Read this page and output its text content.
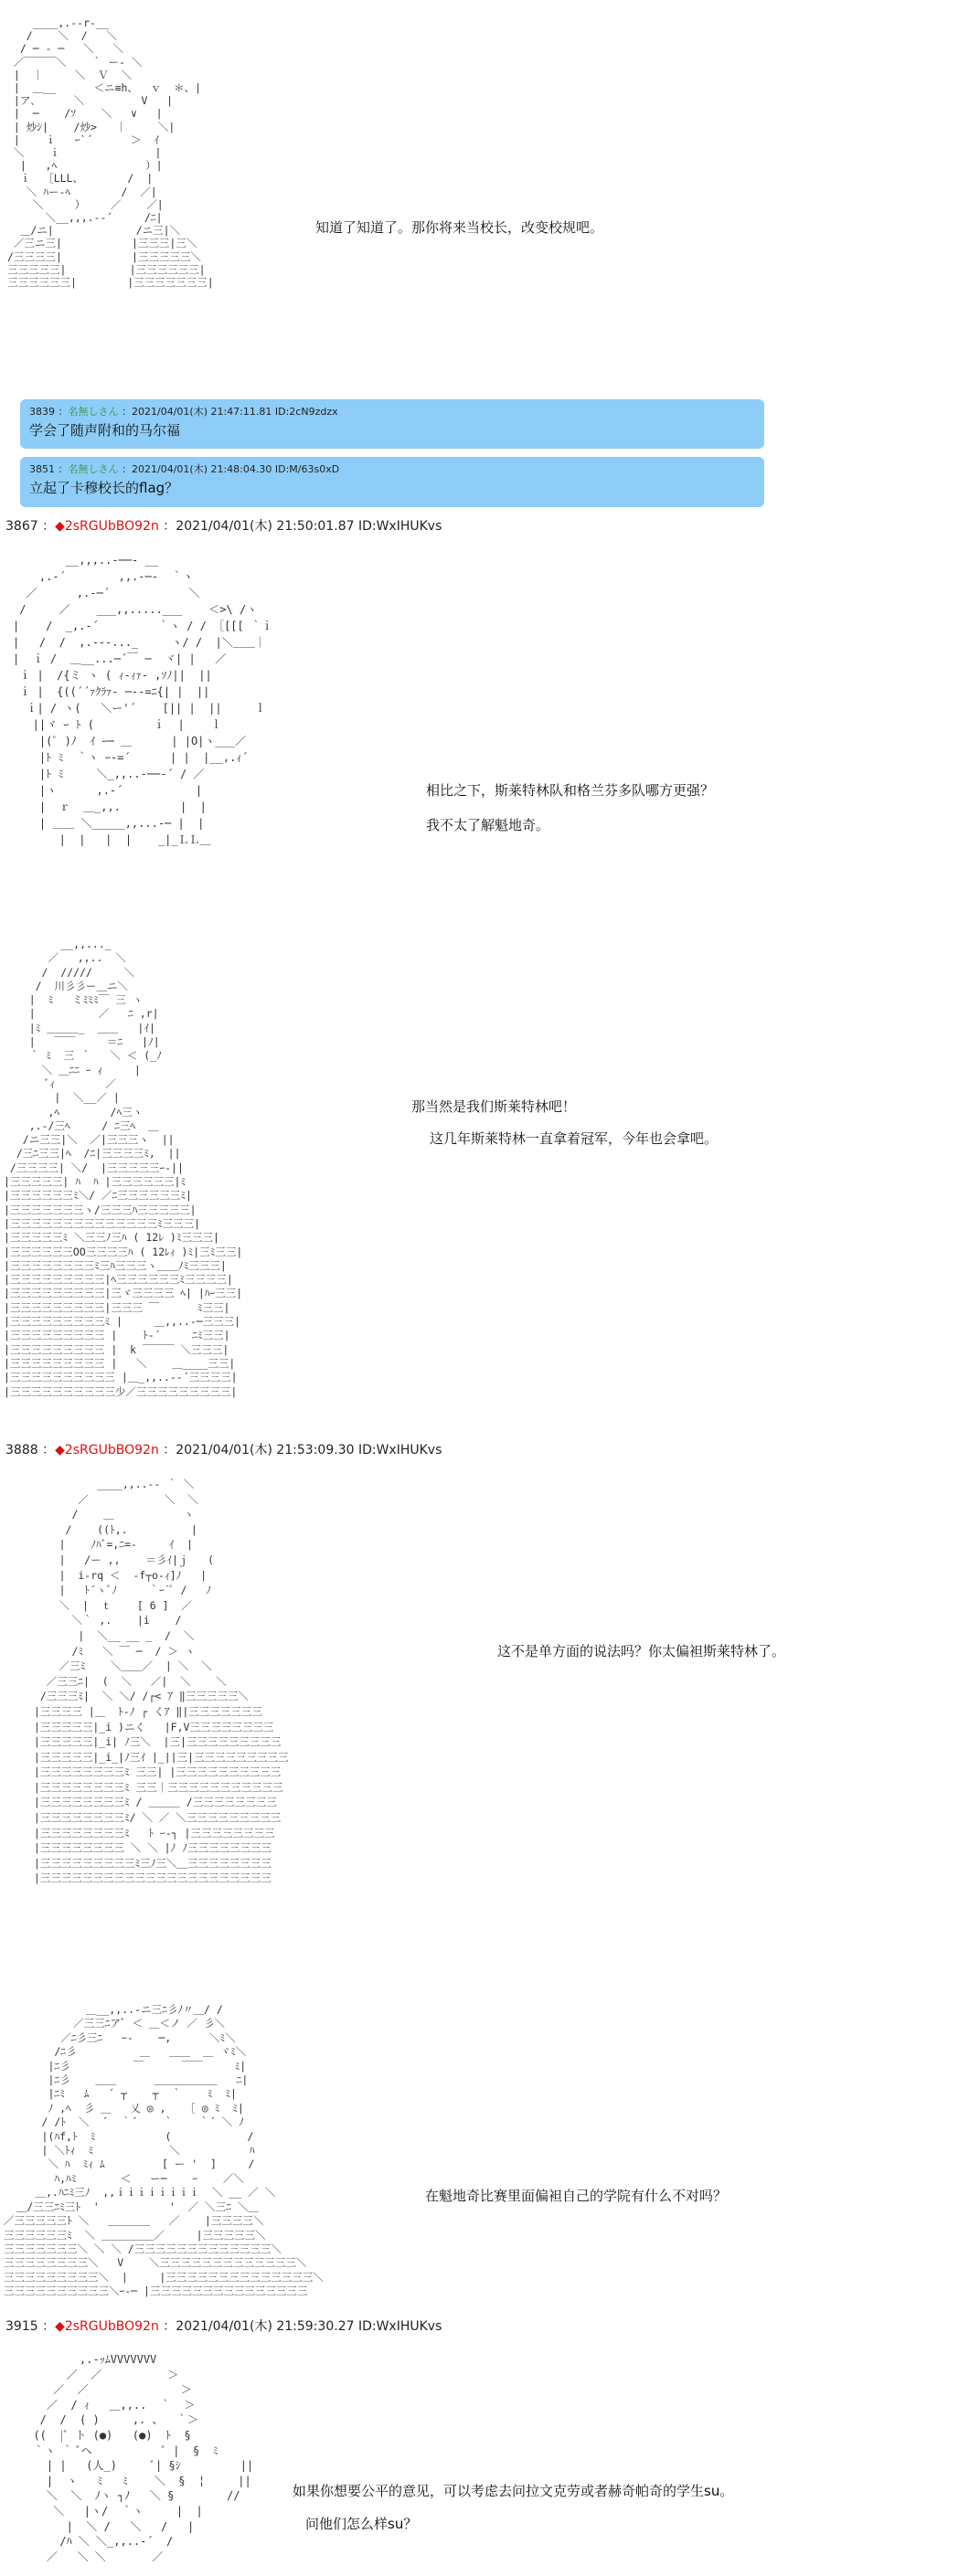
____,.-‐r‐__
/    ＼  /   ＼
/ ─ ‐ ─   ＼   ＼
／￣￣￣＼    ｀ ー- ＼
|  ｜     ＼  Ｖ  ＼
|  ＿__      ＜ニ≡h、  ｖ  ＊、|
|ア､      ＼         V   |
|  ─    /ｿ    ＼   ∨   |
| 炒ｼ|    /炒>   ｜     ＼|
|    ｉ   ｰ`´      ＞  ｲ
＼    ｉ               |
|   ,ﾍ              ）|
ｉ  ［LLL、       /  |
＼ ﾊー‐ﾍ        /  ／|
＼     ）    ／    ／|
＼__,,,.-‐´     /ﾆ|
＿/ニ|             /ニ三|＼
／三ニ三|           |三三三|三＼
/三三三三|           |三三三三三＼
三三三三三|          |三三三三三三|
三三三三三三|        |三三三三三三三|

知道了知道了。那你将来当校长，改变校规吧。

3839 ：名無しさん ：2021/04/01(木) 21:47:11.81 ID:2cN9zdzx
学会了随声附和的马尔福
3851 ：名無しさん ：2021/04/01(木) 21:48:04.30 ID:M/63s0xD
立起了卡穆校长的flag？
3867 ：◆2sRGUbBO92n ：2021/04/01(木) 21:50:01.87 ID:WxIHUKvs
__,,,..-──- __
,.-´        ,,.-─-  ｀ヽ
／      ,.-─´            ＼
/     ／    ___,,.....___    ＜>\ /ヽ
|    /  _,.-´         ｀ヽ / / ［[[[ ｀ｉ
|   /  /  ,.-‐-..._     ヽ/ /  |＼＿＿｜
|  ｉ /  ＿__...─´￣ ─  ヾ| |   ／
ｉ |  /{ミ ヽ ( ｨ-ｨｧ- ,ｿﾉ||  ||
ｉ |  {((´´ｧｸﾗｧ- ─-‐=ﾆ{| |  ||
ｉ| / ヽ(   ＼ー'´    [|| |  ||     ｌ
||ヾ ｰ ﾄ (         ｉ  |    ｌ
|(ﾟ )ﾉ  ｲ ｰ─ ＿      | |O|ヽ___／
|ﾄ ﾐ  ｀ヽ ｰ-=´      | |  |__,.ｨ´
|ﾄ ﾐ     ＼_,,..-──-´ / ／
|ヽ      ,.-´           |
|  ｒ  ＿_,,.         |  |
| ＿＿ ＼_____,,...-─ |  |
|  |   |  |    _|_ＬＬ＿

相比之下，斯莱特林队和格兰芬多队哪方更强？

我不太了解魁地奇。

__,,..._
／   ,,..  ＼
/  /////     ＼
/  川彡彡ー＿ニ＼
|  ﾐ   ミﾐﾐﾐ￣ 三 ヽ
|          ／   ﾆ ,r|
|ﾐ ＿＿＿_  ＿＿   |ｲ|
|   ￣￣     ＝ﾆ   |ﾉ|
｀ ﾐ  三 ｀   ＼ ＜ (_ﾉ
＼ ＿ﾆﾆ ｰ ｨ     |
ﾞｨ        ／
|  ＼__／ |
,ﾍ        /ﾍ三ヽ
,.-/三ﾍ     / ﾆ三ﾍ  ＿
/ニ三三|＼  ／|三三三ヽ  ||
/三ﾆ三三|ﾍ  /ﾆ|三三三三ﾐ,  ||
/三三三三| ＼/  |三三三三三ｰ-||
|三三三三三| ﾊ  ﾊ |三三三三三三|ﾐ
|三三三三三三ﾐ＼/ ／ﾆ三三三三三三ﾐ|
|三三三三三三三ヽ/三三三ﾊ三三三三三|
|三三三三三三三三三三三三三三ﾐ三三三|
|三三三三三ﾐ ＼三三ﾉ三ﾊ ( 12ﾚ )ﾐ三三三|
|三三三三三三OO三三三三ﾊ ( 12ﾚｨ )ﾐ|三ﾐ三三|
|三三三三三三三三ﾐ三ﾊ三三三ヽ＿＿ﾉﾐ三三三|
|三三三三三三三三三|ﾍ三三三三三三ﾐ三三三三|
|三三三三三三三三三|三ヾ三三三三 ﾍ| |ﾊｰ三三|
|三三三三三三三三三|三三三 ￣      ﾐ三三|
|三三三三三三三三三ﾐ |     ＿,,..-─三三三|
|三三三三三三三三三 |    ﾄ-´     ﾆﾐ三三|
|三三三三三三三三三 |  k ￣￣￣ ＼三三三|
|三三三三三三三三三 |   ＼    ＿____三三|
|三三三三三三三三三三 |＿_,,..--´三三三三|
|三三三三三三三三三三少／三三三三三三三三三|

那当然是我们斯莱特林吧！

这几年斯莱特林一直拿着冠军，今年也会拿吧。

3888 ：◆2sRGUbBO92n ：2021/04/01(木) 21:53:09.30 ID:WxIHUKvs
____,,..-- ｀ ＼
／            ＼  ＼
/    ＿           ヽ
/    ((ﾄ,.          |
|    ﾉﾊﾞ=,ﾆ=-     ｲ  |
|   /ー ,,    ＝彡ｲ|ｊ   (
|  i-rq ＜  -f┬o-ｨ]ﾉ   |
|   ﾄ´ヽﾞﾉ     ｀ｰ´ﾟ /   ﾉ
＼  |  ｔ    [ 6 ]  ／
＼｀ ,.    |i    /
|  ＼__ __ _  /  ＼
/ﾐ   ＼ ￣ ─  / ＞ ヽ
／三ﾐ    ＼＿＿／  | ＼  ＼
／三三ﾆ|  (  ＼   ／|  ＼    ＼
/三三三ﾐ|  ＼ ＼/ /┌< ｱ ‖三三三三三＼
|三三三三 |＿  ﾄ-ﾉ ┌ くｱ ‖|三三三三三三三
|三三三三三|_i )ニく   |F,V三三三三三三三三
|三三三三三|_i| ﾉ三＼  |三|三三三三三三三三三
|三三三三三|_i_|ﾉ三ｲ |_||三|三三三三三三三三三
|三三三三三三三三ﾐ 三三| |三三三三三三三三三三
|三三三三三三三三ﾐ 三三｜三三三三三三三三三三三
|三三三三三三三三ﾐ / ＿＿＿ /三三三三三三三三
|三三三三三三三三ﾐ/ ＼ ／ ＼三三三三三三三三三
|三三三三三三三三ﾐ   ﾄ ｰ-┐ |三三三三三三三三
|三三三三三三三三 ＼ ＼ |ﾉ ﾉ三三三三三三三三
|三三三三三三三三三ﾐ三ﾉ三＼＿三三三三三三三三
|三三三三三三三三三三三三三三三三三三三三三三

这不是单方面的说法吗？你太偏袒斯莱特林了。

＿__,,..-ニ三ﾆ彡ﾉ〃＿/ /
／三三ﾆアﾞ ＜ ＿＜ノ ／ 彡＼
／ﾆ彡三ﾆ   ｰ-    ─,      ＼ﾐ＼
/ﾆ彡          ＿   ＿＿  ＿ ヾﾐ＼
|ﾆ彡          ￣      ￣￣     ﾐ|
|ﾆ彡    ＿＿      ＿＿＿＿＿＿   ﾆ|
|ﾆﾐ   ﾑ   ´ ┬    ┬  ｀    ﾐ  ﾐ|
ﾉ ,ﾍ  彡 ＿   乂 ◎ ,   ［ ◎ ﾐ  ﾐ|
/ /ﾄ  ＼  ´  ｀´    ｀    ｀´ ＼ ﾉ
|(ﾊf,ﾄ  ﾐ           (            /
| ＼ﾄｨ  ﾐ            ＼           ﾊ
＼ ﾊ  ﾐｨ ﾑ         [ ー '  ]     /
ﾊ,ﾊﾐ       ＜   ー─    ｰ    ／＼
＿,.ﾊﾆﾐ三ﾉ  ,,ｉｉｉｉｉｉｉｉ  ＼ __ ／ ＼
＿/三三ﾆﾐ三ﾄ  '           '  ／ ＼三ﾆ ＼＿
／三三三三三ﾄ ＼   ＿＿＿＿   ／    |三三三三＼
三三三三三三ﾐ  ＼ ＿＿＿＿＿／     |三三三三三＼
三三三三三三三＼ ＼ ＼ /三三三三三三三三三三三三三＼
三三三三三三三三＼   V    ＼三三三三三三三三三三三三三＼
三三三三三三三三三＼  |     |三三三三三三三三三三三三三三＼
三三三三三三三三三三＼ｰ-─ |三三三三三三三三三三三三三三三

在魁地奇比赛里面偏袒自己的学院有什么不对吗？

3915 ：◆2sRGUbBO92n ：2021/04/01(木) 21:59:30.27 ID:WxIHUKvs
,.-ｯﾑVVVVVVV
／  ／          ＞
／  ／              ＞
／  / ｨ   ＿,,..  ｀  ＞
/  /  ( )     ,. 、  ｀＞
((  |ﾞ ト (●)   (●)  ﾄ  §
｀ヽ ｀ ﾞヘ           ﾞ |  §  ﾐ
| |   (人_)     ﾞ| §ｼ         ||
|  ヽ   ﾐ   ﾐ    ＼  §  ¦     ||
＼  ＼  ﾉヽ ┐ﾉ   ＼ §        //
＼   |ヽ/  ｀ヽ     |  |
|  ＼ /   ＼   /   |
/ﾊ ＼ ＼_,,..-´  /
／   ＼ ＼       ／

如果你想要公平的意见，可以考虑去问拉文克劳或者赫奇帕奇的学生su。

问他们怎么样su？
